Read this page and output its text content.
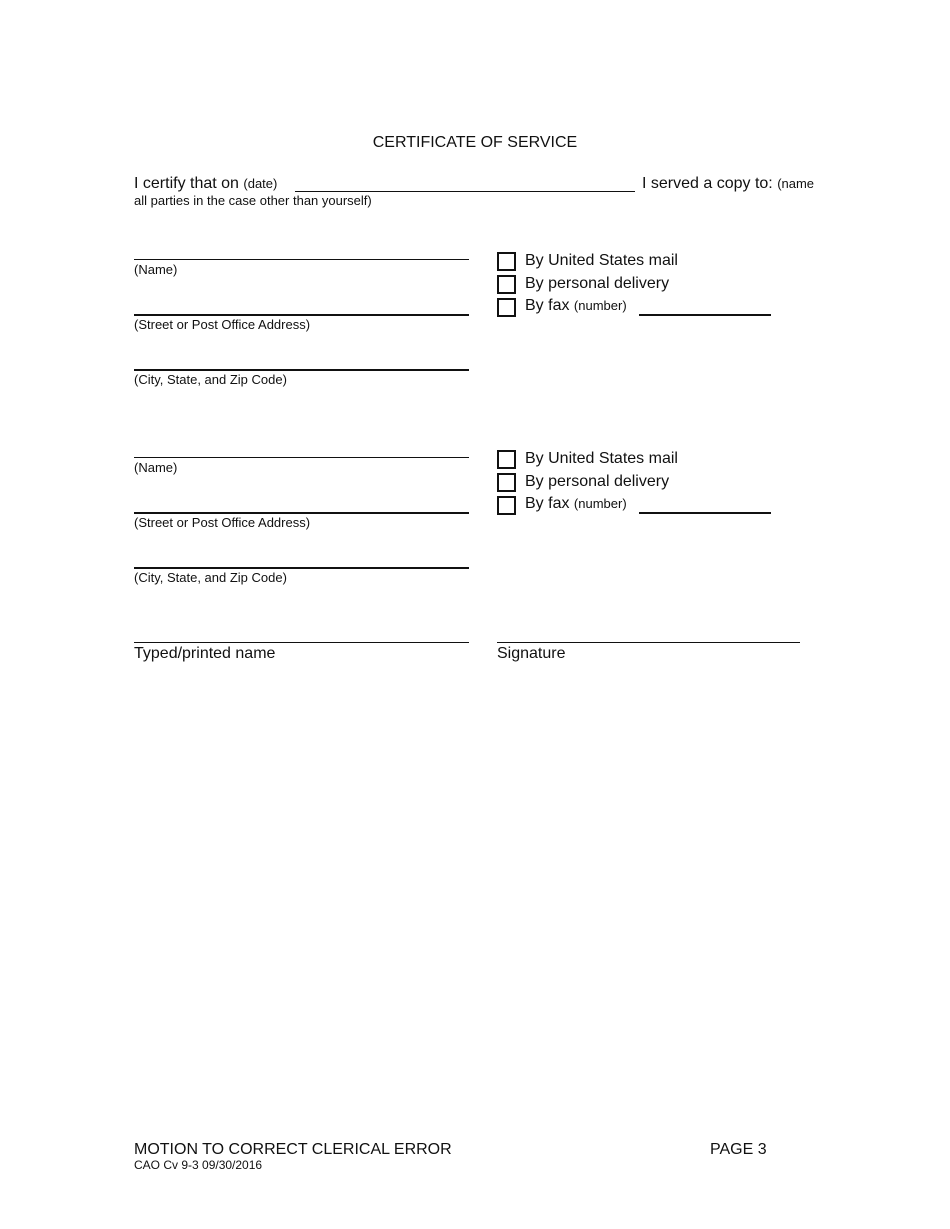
CERTIFICATE OF SERVICE
I certify that on (date)	I served a copy to: (name
all parties in the case other than yourself)
(Name)
(Street or Post Office Address)
(City, State, and Zip Code)
By United States mail
By personal delivery
By fax (number)
(Name)
(Street or Post Office Address)
(City, State, and Zip Code)
By United States mail
By personal delivery
By fax (number)
Typed/printed name	Signature
MOTION TO CORRECT CLERICAL ERROR
CAO Cv 9-3 09/30/2016
PAGE 3
